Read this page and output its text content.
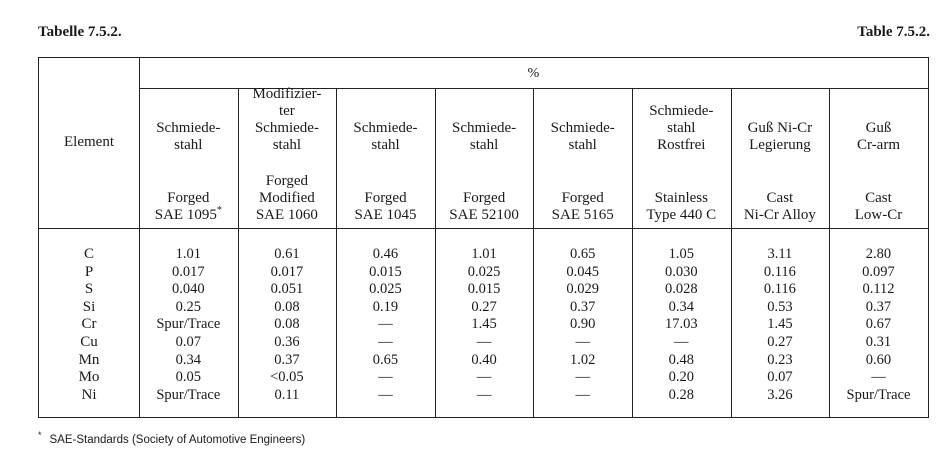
Tabelle 7.5.2.	Table 7.5.2.
%
Element
C
P
S
Si
Cr
Cu
Mn
Mo
Ni
Schmiede-
stahl
Forged
SAE 1095*
1.01
0.017
0.040
0.25
Spur/Trace
0.07
0.34
0.05
Spur/Trace
Modifizier-
ter
Schmiede-
stahl
Forged
Modified
SAE 1060
0.61
0.017
0.051
0.08
0.08
0.36
0.37
<0.05
0.11
Schmiede-
stahl
Forged
SAE 1045
0.46
0.015
0.025
0.19
—
—
0.65
—
—
Schmiede-
stahl
Forged
SAE 52100
1.01
0.025
0.015
0.27
1.45
—
0.40
—
—
Schmiede-
stahl
Forged
SAE 5165
0.65
0.045
0.029
0.37
0.90
—
1.02
—
—
Schmiede-
stahl
Rostfrei
Stainless
Type 440 C
1.05
0.030
0.028
0.34
17.03
—
0.48
0.20
0.28
Guß Ni-Cr
Legierung
Cast
Ni-Cr Alloy
3.11
0.116
0.116
0.53
1.45
0.27
0.23
0.07
3.26
Guß
Cr-arm
Cast
Low-Cr
2.80
0.097
0.112
0.37
0.67
0.31
0.60
—
Spur/Trace
* SAE-Standards (Society of Automotive Engineers)
